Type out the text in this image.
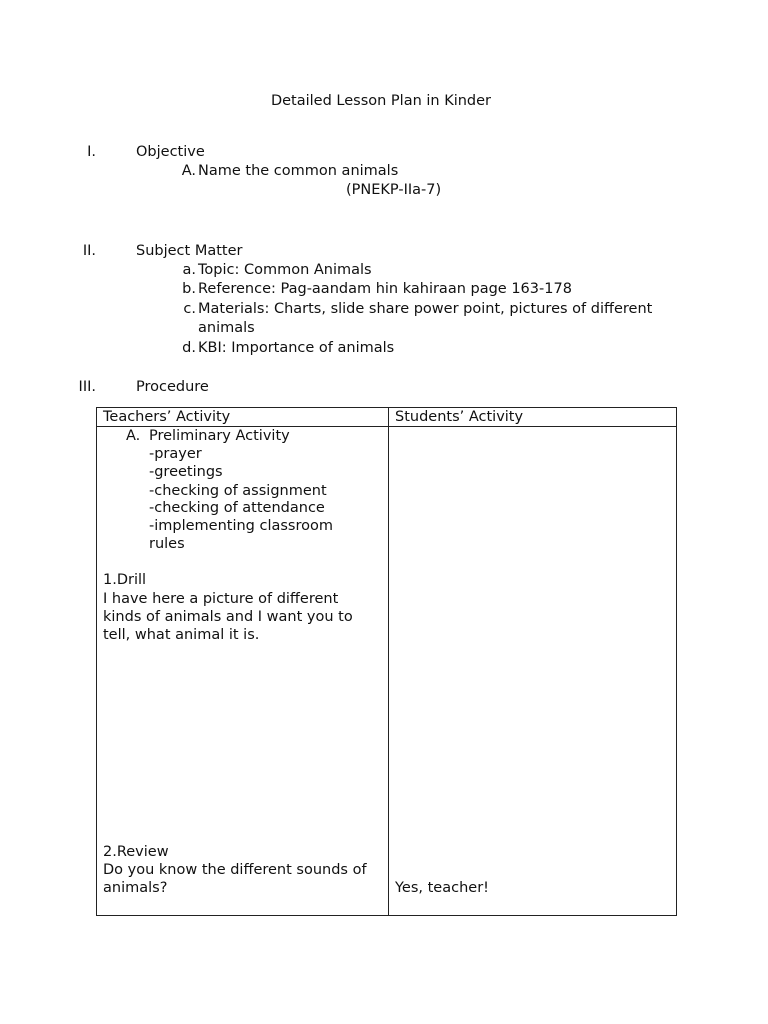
Detailed Lesson Plan in Kinder
I.	Objective
A. Name the common animals
(PNEKP-IIa-7)
II.	Subject Matter
a. Topic: Common Animals
b. Reference: Pag-aandam hin kahiraan page 163-178
c. Materials: Charts, slide share power point, pictures of different
animals
d. KBI: Importance of animals
III.	Procedure
Teachers’ Activity	Students’ Activity
A. Preliminary Activity
-prayer
-greetings
-checking of assignment
-checking of attendance
-implementing classroom
rules
1.Drill
I have here a picture of different
kinds of animals and I want you to
tell, what animal it is.
2.Review
Do you know the different sounds of
animals?	Yes, teacher!
